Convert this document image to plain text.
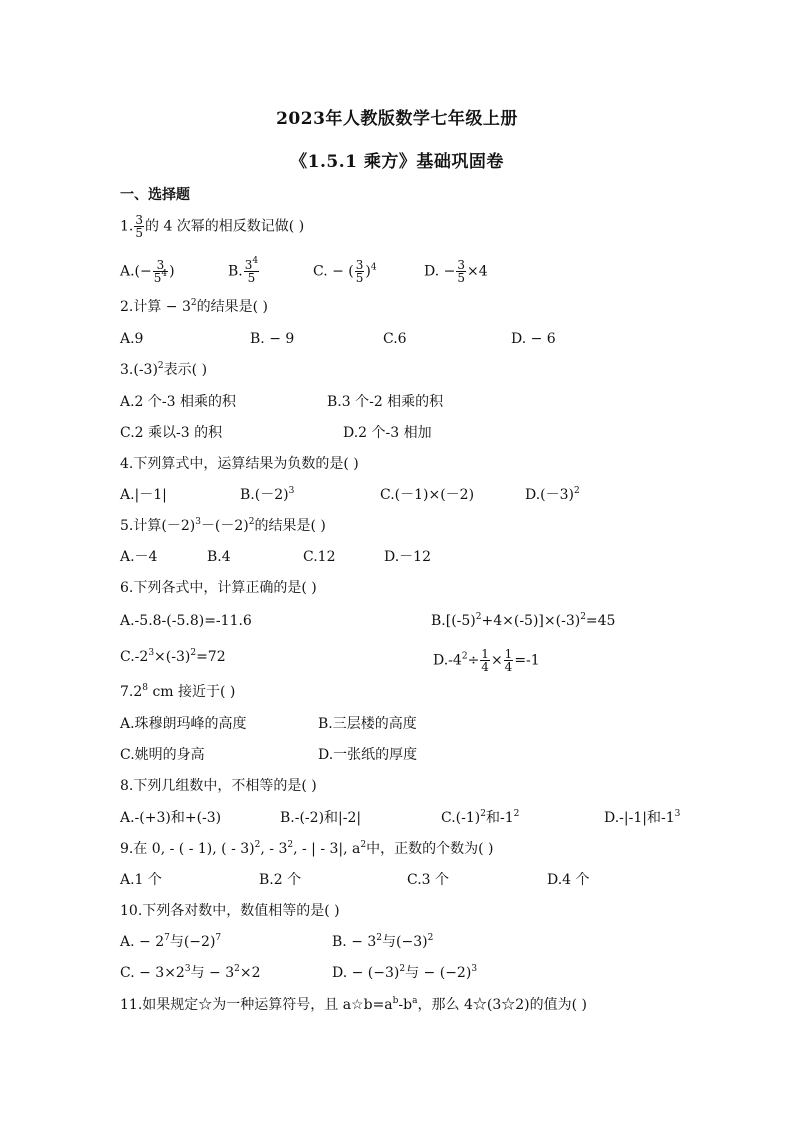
2023年人教版数学七年级上册
《1.5.1 乘方》基础巩固卷
一、选择题
1. $\frac{3}{5}$ 的 4 次幂的相反数记做( )
$A.(- \frac{3}{5^4}$ )	B. $\frac{3^4}{5}$	C. − ( $\frac{3}{5} )^4$	D. − $\frac{3}{5} \times 4$
2.计算 − $3^2$的结果是( )
A.9	B. − 9	C.6	D. − 6
$3.(-3)^2$表示( )
A.2 个-3 相乘的积	B.3 个-2 相乘的积
C.2 乘以-3 的积	D.2 个-3 相加
4.下列算式中，运算结果为负数的是( )
A.|－1|	$B.(-2)^3$	C.(－1)×(－2)	$D.(-3)^2$
5.计算$(-2)^3-(-2)^2$的结果是( )
A.－4	B.4	C.12	D.－12
6.下列各式中，计算正确的是( )
A.-5.8-(-5.8)=-11.6	$B.[(-5)^2+4\times(-5)]\times(-3)^2=45$
$C.-2^3\times(-3)^2=72$	$D.-4^2\div \frac{1}{4} \times \frac{1}{4} =-1$
$7.2^8$ cm 接近于( )
A.珠穆朗玛峰的高度	B.三层楼的高度
C.姚明的身高	D.一张纸的厚度
8.下列几组数中，不相等的是( )
A.-(+3)和+(-3)	B.-(-2)和|-2|	$C.(-1)^2$和$-1^2$	D.-|-1|和$-1^3$
9.在 0, - ( - 1), ( - 3)$^2$, - $3^2$, - | - 3|, $a^2$中，正数的个数为( )
A.1 个	B.2 个	C.3 个	D.4 个
10.下列各对数中，数值相等的是( )
A. − $2^7$与$(-2)^7$	B. − $3^2$与$(-3)^2$
C. − $3\times 2^3$与 − $3^2\times 2$	D. − $(-3)^2$与 − $(-2)^3$
11.如果规定☆为一种运算符号，且 $a☆b=a^b-b^a$，那么 4☆(3☆2)的值为( )
